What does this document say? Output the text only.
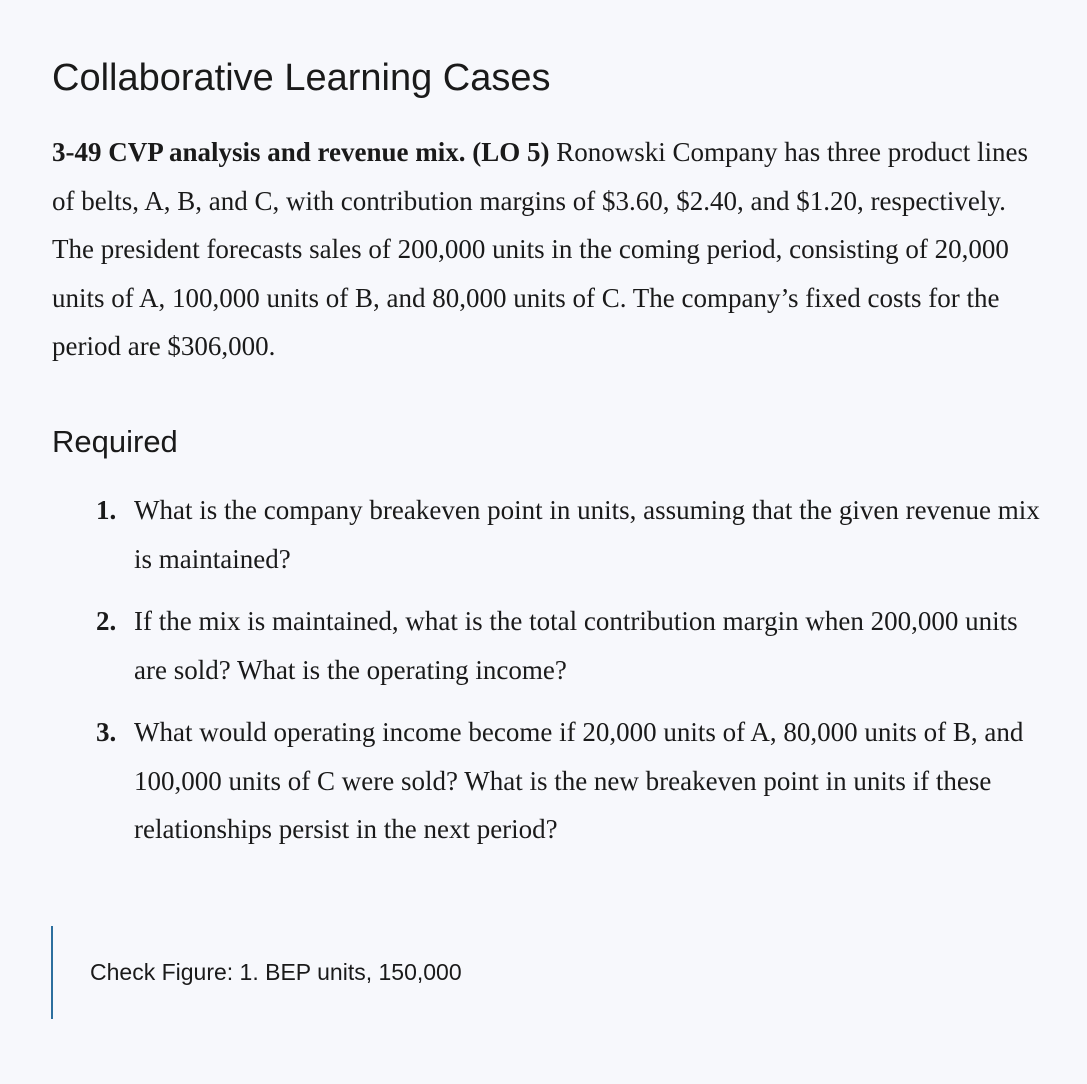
Collaborative Learning Cases

3-49 CVP analysis and revenue mix. (LO 5) Ronowski Company has three product lines of belts, A, B, and C, with contribution margins of $3.60, $2.40, and $1.20, respectively. The president forecasts sales of 200,000 units in the coming period, consisting of 20,000 units of A, 100,000 units of B, and 80,000 units of C. The company’s fixed costs for the period are $306,000.

Required
1. What is the company breakeven point in units, assuming that the given revenue mix is maintained?
2. If the mix is maintained, what is the total contribution margin when 200,000 units are sold? What is the operating income?
3. What would operating income become if 20,000 units of A, 80,000 units of B, and 100,000 units of C were sold? What is the new breakeven point in units if these relationships persist in the next period?
Check Figure: 1. BEP units, 150,000
